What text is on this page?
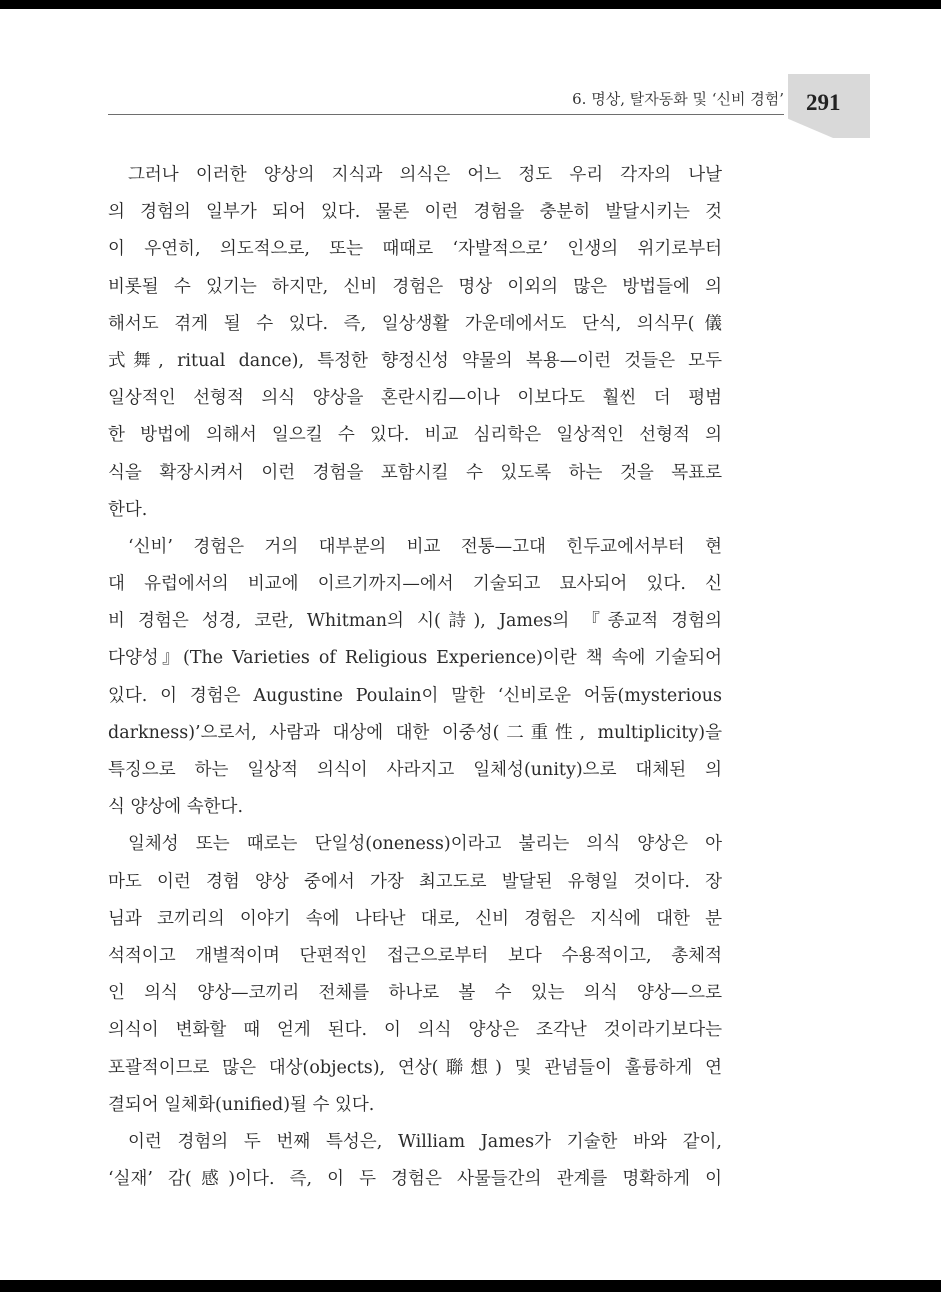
6. 명상, 탈자동화 및 ‘신비 경험’ 291
그러나 이러한 양상의 지식과 의식은 어느 정도 우리 각자의 나날
의 경험의 일부가 되어 있다. 물론 이런 경험을 충분히 발달시키는 것
이 우연히, 의도적으로, 또는 때때로 ‘자발적으로’ 인생의 위기로부터
비롯될 수 있기는 하지만, 신비 경험은 명상 이외의 많은 방법들에 의
해서도 겪게 될 수 있다. 즉, 일상생활 가운데에서도 단식, 의식무(儀
式舞, ritual dance), 특정한 향정신성 약물의 복용—이런 것들은 모두
일상적인 선형적 의식 양상을 혼란시킴—이나 이보다도 훨씬 더 평범
한 방법에 의해서 일으킬 수 있다. 비교 심리학은 일상적인 선형적 의
식을 확장시켜서 이런 경험을 포함시킬 수 있도록 하는 것을 목표로
한다.
‘신비’ 경험은 거의 대부분의 비교 전통—고대 힌두교에서부터 현
대 유럽에서의 비교에 이르기까지—에서 기술되고 묘사되어 있다. 신
비 경험은 성경, 코란, Whitman의 시(詩), James의 『종교적 경험의
다양성』(The Varieties of Religious Experience)이란 책 속에 기술되어
있다. 이 경험은 Augustine Poulain이 말한 ‘신비로운 어둠(mysterious
darkness)’으로서, 사람과 대상에 대한 이중성(二重性, multiplicity)을
특징으로 하는 일상적 의식이 사라지고 일체성(unity)으로 대체된 의
식 양상에 속한다.
일체성 또는 때로는 단일성(oneness)이라고 불리는 의식 양상은 아
마도 이런 경험 양상 중에서 가장 최고도로 발달된 유형일 것이다. 장
님과 코끼리의 이야기 속에 나타난 대로, 신비 경험은 지식에 대한 분
석적이고 개별적이며 단편적인 접근으로부터 보다 수용적이고, 총체적
인 의식 양상—코끼리 전체를 하나로 볼 수 있는 의식 양상—으로
의식이 변화할 때 얻게 된다. 이 의식 양상은 조각난 것이라기보다는
포괄적이므로 많은 대상(objects), 연상(聯想) 및 관념들이 훌륭하게 연
결되어 일체화(unified)될 수 있다.
이런 경험의 두 번째 특성은, William James가 기술한 바와 같이,
‘실재’ 감(感)이다. 즉, 이 두 경험은 사물들간의 관계를 명확하게 이
